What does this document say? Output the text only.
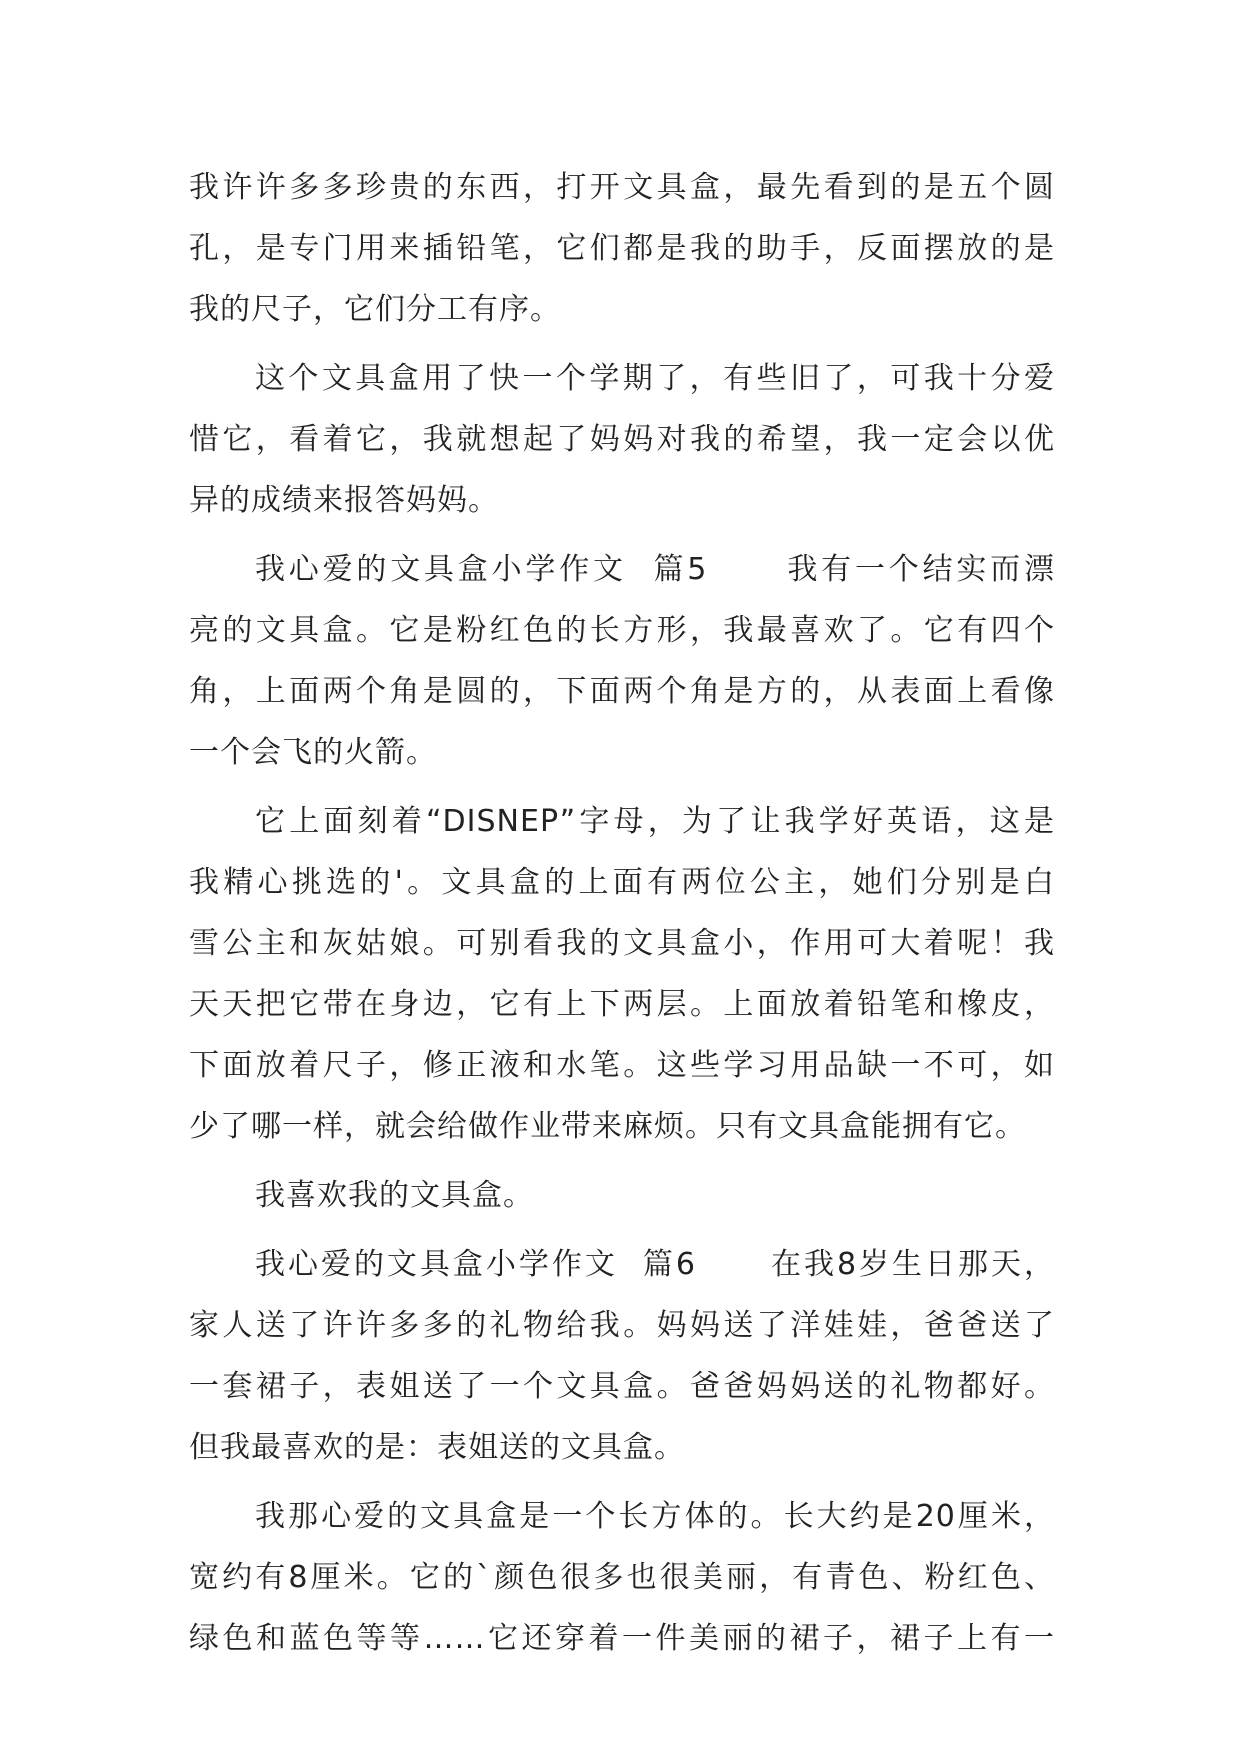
我许许多多珍贵的东西，打开文具盒，最先看到的是五个圆
孔，是专门用来插铅笔，它们都是我的助手，反面摆放的是
我的尺子，它们分工有序。
这个文具盒用了快一个学期了，有些旧了，可我十分爱
惜它，看着它，我就想起了妈妈对我的希望，我一定会以优
异的成绩来报答妈妈。
我心爱的文具盒小学作文  篇5      我有一个结实而漂
亮的文具盒。它是粉红色的长方形，我最喜欢了。它有四个
角，上面两个角是圆的，下面两个角是方的，从表面上看像
一个会飞的火箭。
它上面刻着“DISNEP”字母，为了让我学好英语，这是
我精心挑选的'。文具盒的上面有两位公主，她们分别是白
雪公主和灰姑娘。可别看我的文具盒小，作用可大着呢！我
天天把它带在身边，它有上下两层。上面放着铅笔和橡皮，
下面放着尺子，修正液和水笔。这些学习用品缺一不可，如
少了哪一样，就会给做作业带来麻烦。只有文具盒能拥有它。
我喜欢我的文具盒。
我心爱的文具盒小学作文  篇6      在我8岁生日那天，
家人送了许许多多的礼物给我。妈妈送了洋娃娃，爸爸送了
一套裙子，表姐送了一个文具盒。爸爸妈妈送的礼物都好。
但我最喜欢的是：表姐送的文具盒。
我那心爱的文具盒是一个长方体的。长大约是20厘米，
宽约有8厘米。它的`颜色很多也很美丽，有青色、粉红色、
绿色和蓝色等等……它还穿着一件美丽的裙子，裙子上有一
